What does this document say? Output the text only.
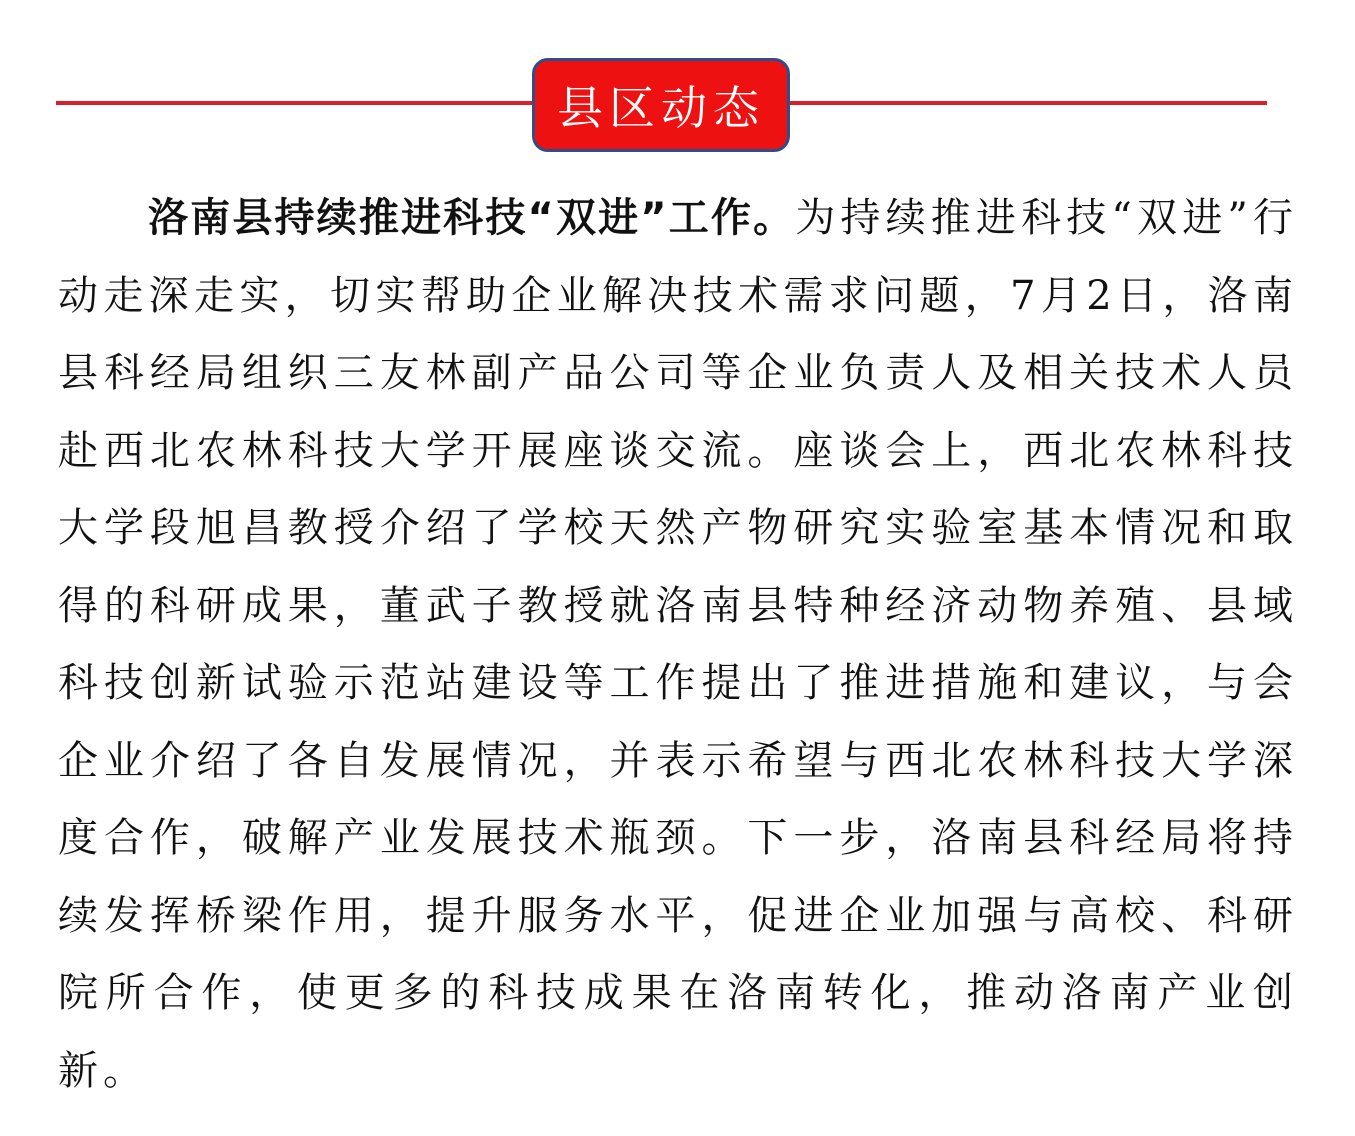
县区动态

洛南县持续推进科技“双进”工作。为持续推进科技“双进”行动走深走实，切实帮助企业解决技术需求问题，7月2日，洛南县科经局组织三友林副产品公司等企业负责人及相关技术人员赴西北农林科技大学开展座谈交流。座谈会上，西北农林科技大学段旭昌教授介绍了学校天然产物研究实验室基本情况和取得的科研成果，董武子教授就洛南县特种经济动物养殖、县域科技创新试验示范站建设等工作提出了推进措施和建议，与会企业介绍了各自发展情况，并表示希望与西北农林科技大学深度合作，破解产业发展技术瓶颈。下一步，洛南县科经局将持续发挥桥梁作用，提升服务水平，促进企业加强与高校、科研院所合作，使更多的科技成果在洛南转化，推动洛南产业创新。
